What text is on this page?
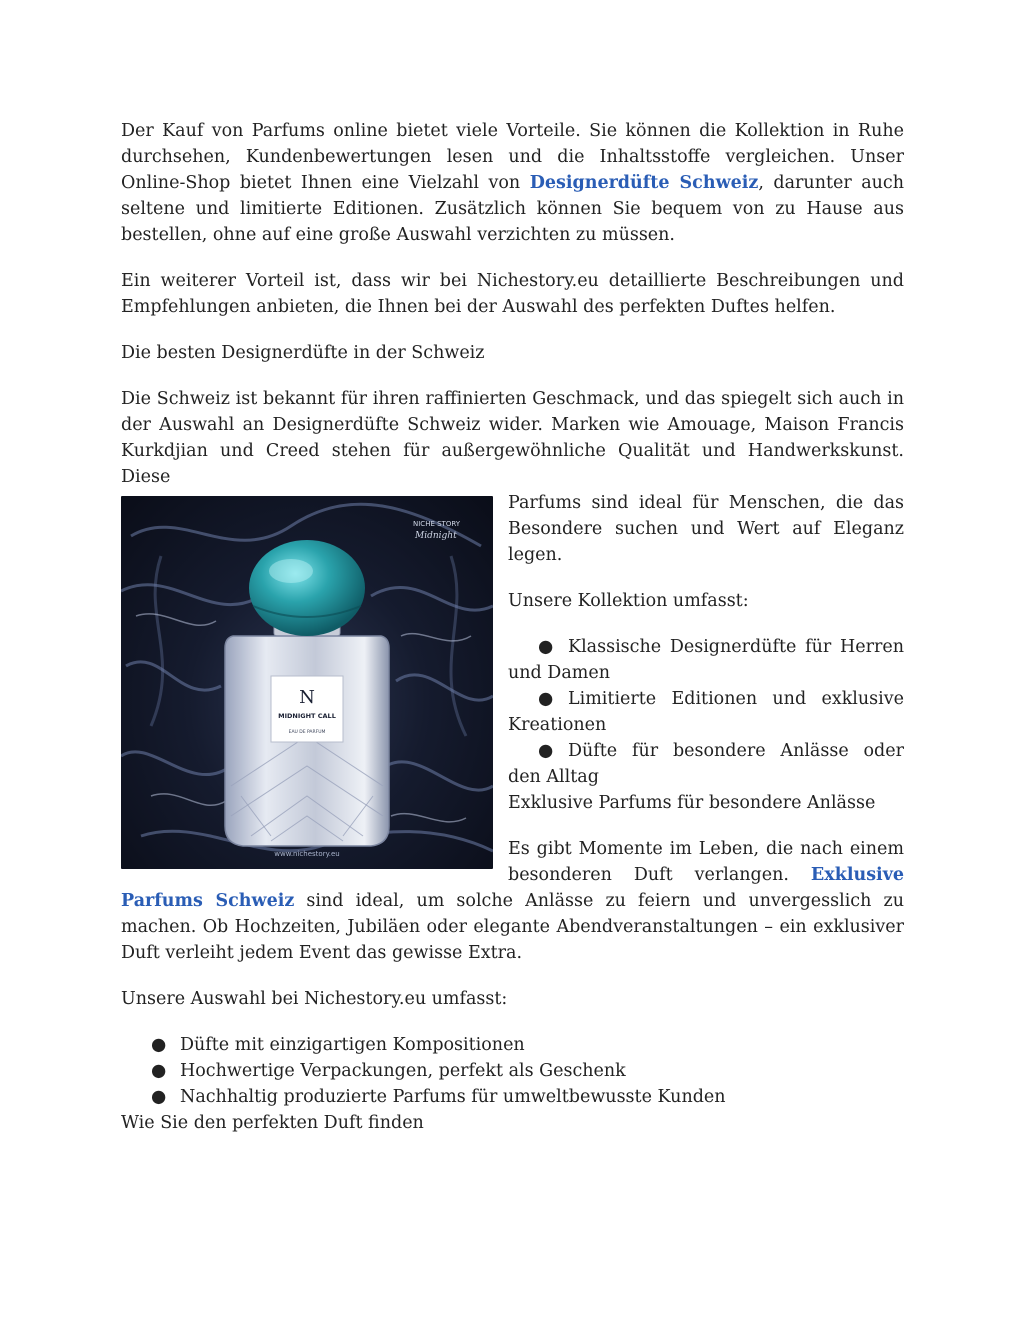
Der Kauf von Parfums online bietet viele Vorteile. Sie können die Kollektion in Ruhe durchsehen, Kundenbewertungen lesen und die Inhaltsstoffe vergleichen. Unser Online-Shop bietet Ihnen eine Vielzahl von Designerdüfte Schweiz, darunter auch seltene und limitierte Editionen. Zusätzlich können Sie bequem von zu Hause aus bestellen, ohne auf eine große Auswahl verzichten zu müssen.

Ein weiterer Vorteil ist, dass wir bei Nichestory.eu detaillierte Beschreibungen und Empfehlungen anbieten, die Ihnen bei der Auswahl des perfekten Duftes helfen.

Die besten Designerdüfte in der Schweiz

Die Schweiz ist bekannt für ihren raffinierten Geschmack, und das spiegelt sich auch in der Auswahl an Designerdüfte Schweiz wider. Marken wie Amouage, Maison Francis Kurkdjian und Creed stehen für außergewöhnliche Qualität und Handwerkskunst. Diese

NICHE STORY
Midnight
N
MIDNIGHT CALL
EAU DE PARFUM
www.nichestory.eu

Parfums sind ideal für Menschen, die das Besondere suchen und Wert auf Eleganz legen.

Unsere Kollektion umfasst:

● Klassische Designerdüfte für Herren und Damen
● Limitierte Editionen und exklusive Kreationen
● Düfte für besondere Anlässe oder den Alltag

Exklusive Parfums für besondere Anlässe

Es gibt Momente im Leben, die nach einem besonderen Duft verlangen. Exklusive Parfums Schweiz sind ideal, um solche Anlässe zu feiern und unvergesslich zu machen. Ob Hochzeiten, Jubiläen oder elegante Abendveranstaltungen – ein exklusiver Duft verleiht jedem Event das gewisse Extra.

Unsere Auswahl bei Nichestory.eu umfasst:

● Düfte mit einzigartigen Kompositionen
● Hochwertige Verpackungen, perfekt als Geschenk
● Nachhaltig produzierte Parfums für umweltbewusste Kunden

Wie Sie den perfekten Duft finden
